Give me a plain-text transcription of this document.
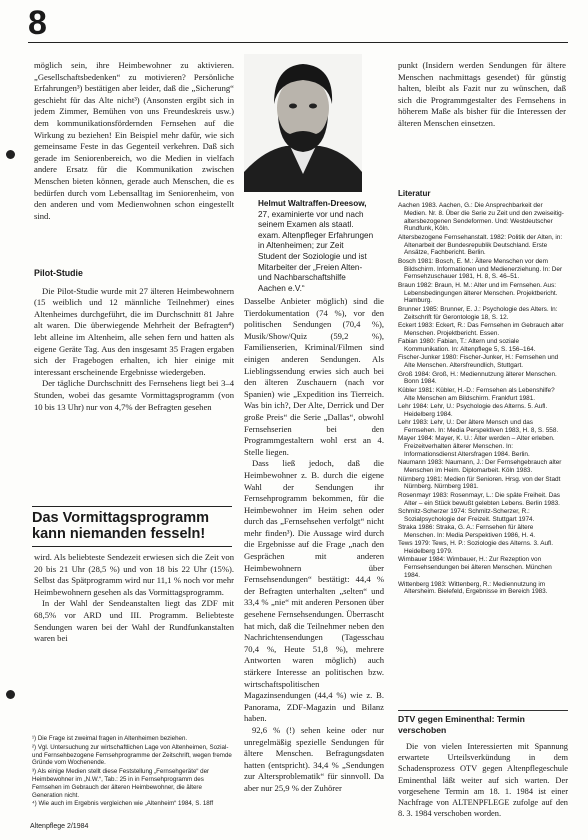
8

möglich sein, ihre Heimbewohner zu aktivieren. „Gesellschaftsbedenken“ zu motivieren? Persönliche Erfahrungen³) bestätigen aber leider, daß die „Sicherung“ geschieht für das Alte nicht³) (Ansonsten ergibt sich in jedem Zimmer, Bemühen von uns Freundeskreis usw.) dem kommunikationsfördernden Fernsehen auf die Wirkung zu beziehen! Ein Beispiel mehr dafür, wie sich gemeinsame Feste in das Gegenteil verkehren. Daß sich gerade im Seniorenbereich, wo die Medien in vielfach andere Ersatz für die Kommunikation zwischen Menschen bieten können, gerade auch Menschen, die es bedürfen durch vom Lebensalltag im Seniorenheim, von den anderen und vom Medienwohnen schon eingestellt sind.

Pilot-Studie

Die Pilot-Studie wurde mit 27 älteren Heimbewohnern (15 weiblich und 12 männliche Teilnehmer) eines Altenheimes durchgeführt, die im Durchschnitt 81 Jahre alt waren. Die überwiegende Mehrheit der Befragten⁴) lebt alleine im Altenheim, alle sehen fern und hatten als eigene Geräte Tag. Aus den insgesamt 35 Fragen ergaben sich der Fragebogen erhalten, ich hier einige mit interessant erscheinende Ergebnisse wiedergeben.

Der tägliche Durchschnitt des Fernsehens liegt bei 3–4 Stunden, wobei das gesamte Vormittagsprogramm (von 10 bis 13 Uhr) nur von 4,7% der Befragten gesehen

Das Vormittagsprogramm kann niemanden fesseln!

wird. Als beliebteste Sendezeit erwiesen sich die Zeit von 20 bis 21 Uhr (28,5 %) und von 18 bis 22 Uhr (15%). Selbst das Spätprogramm wird nur 11,1 % noch vor mehr Heimbewohnern gesehen als das Vormittagsprogramm.

In der Wahl der Sendeanstalten liegt das ZDF mit 68,5% vor ARD und III. Programm. Beliebteste Sendungen waren bei der Wahl der Rundfunkanstalten waren bei

¹) Die Frage ist zweimal fragen in Altenheimen beziehen.

²) Vgl. Untersuchung zur wirtschaftlichen Lage von Altenheimen, Sozial- und Fernsehbezogene Fernsehprogramme der Zeitschrift, wegen fremde Gründe vom Wochenende.

³) Als einige Medien stellt diese Feststellung „Fernsehgeräte“ der Heimbewohner im „N.W.“, Tab.: 25 in in Fernsehprogramm des Fernsehen im Gebrauch der älteren Heimbewohner, die ältere Generation nicht.

⁴) Wie auch im Ergebnis vergleichen wie „Altenheim“ 1984, S. 18ff

Helmut Waltraffen-Dreesow, 27, examinierte vor und nach seinem Examen als staatl. exam. Altenpfleger Erfahrungen in Altenheimen; zur Zeit Student der Soziologie und ist Mitarbeiter der „Freien Alten- und Nachbarschaftshilfe Aachen e.V.“

Dasselbe Anbieter möglich) sind die Tierdokumentation (74 %), vor den politischen Sendungen (70,4 %), Musik/Show/Quiz (59,2 %), Familienserien, Kriminal/Filmen sind einigen anderen Sendungen. Als Lieblingssendung erwies sich auch bei den älteren Zuschauern (nach vor Spanien) wie „Expedition ins Tierreich. Was bin ich?, Der Alte, Derrick und Der große Preis“ die Serie „Dallas“, obwohl Fernsehserien bei den Programmgestaltern wohl erst an 4. Stelle liegen.

Dass ließ jedoch, daß die Heimbewohner z. B. durch die eigene Wahl der Sendungen ihr Fernsehprogramm bekommen, für die Heimbewohner im Heim sehen oder durch das „Fernsehsehen verfolgt“ nicht mehr finden³). Die Aussage wird durch die Ergebnisse auf die Frage „nach den Gesprächen mit anderen Heimbewohnern über Fernsehsendungen“ bestätigt: 44,4 % der Befragten unterhalten „selten“ und 33,4 % „nie“ mit anderen Personen über gesehene Fernsehsendungen. Überrascht hat mich, daß die Teilnehmer neben den Nachrichtensendungen (Tagesschau 70,4 %, Heute 51,8 %), mehrere Antworten waren möglich) auch stärkere Interesse an politischen bzw. wirtschaftspolitischen Magazinsendungen (44,4 %) wie z. B. Panorama, ZDF-Magazin und Bilanz haben.

92,6 % (!) sehen keine oder nur unregelmäßig spezielle Sendungen für ältere Menschen. Befragungsdaten hatten (entspricht). 34,4 % „Sendungen zur Altersproblematik“ für sinnvoll. Da aber nur 25,9 % der Zuhörer

punkt (Insidern werden Sendungen für ältere Menschen nachmittags gesendet) für günstig halten, bleibt als Fazit nur zu wünschen, daß sich die Programmgestalter des Fernsehens in höherem Maße als bisher für die Interessen der älteren Menschen einsetzen.

Literatur

Aachen 1983. Aachen, G.: Die Ansprechbarkeit der Medien. Nr. 8. Über die Serie zu Zeit und den zweiseitig-altersbezogenen Sendeformen. Und: Westdeutscher Rundfunk, Köln.

Altersbezogene Fernsehanstalt. 1982: Politik der Alten, in: Altenarbeit der Bundesrepublik Deutschland. Erste Ansätze, Fachbericht. Berlin.

Bosch 1981: Bosch, E. M.: Ältere Menschen vor dem Bildschirm. Informationen und Medienerziehung. In: Der Fernsehzuschauer 1981, H. 8, S. 46–51.

Braun 1982: Braun, H. M.: Alter und im Fernsehen. Aus: Lebensbedingungen älterer Menschen. Projektbericht. Hamburg.

Brunner 1985: Brunner, E. J.: Psychologie des Alters. In: Zeitschrift für Gerontologie 18, S. 12.

Eckert 1983: Eckert, R.: Das Fernsehen im Gebrauch alter Menschen. Projektbericht. Essen.

Fabian 1980: Fabian, T.: Altern und soziale Kommunikation. In: Altenpflege 5, S. 156–164.

Fischer-Junker 1980: Fischer-Junker, H.: Fernsehen und Alte Menschen. Altersfreundlich, Stuttgart.

Groß 1984: Groß, H.: Mediennutzung älterer Menschen. Bonn 1984.

Kübler 1981: Kübler, H.-D.: Fernsehen als Lebenshilfe? Alte Menschen am Bildschirm. Frankfurt 1981.

Lehr 1984: Lehr, U.: Psychologie des Alterns. 5. Aufl. Heidelberg 1984.

Lehr 1983: Lehr, U.: Der ältere Mensch und das Fernsehen. In: Media Perspektiven 1983, H. 8, S. 558.

Mayer 1984: Mayer, K. U.: Älter werden – Alter erleben. Freizeitverhalten älterer Menschen. In: Informationsdienst Altersfragen 1984. Berlin.

Naumann 1983: Naumann, J.: Der Fernsehgebrauch alter Menschen im Heim. Diplomarbeit. Köln 1983.

Nürnberg 1981: Medien für Senioren. Hrsg. von der Stadt Nürnberg. Nürnberg 1981.

Rosenmayr 1983: Rosenmayr, L.: Die späte Freiheit. Das Alter – ein Stück bewußt gelebten Lebens. Berlin 1983.

Schmitz-Scherzer 1974: Schmitz-Scherzer, R.: Sozialpsychologie der Freizeit. Stuttgart 1974.

Straka 1986: Straka, G. A.: Fernsehen für ältere Menschen. In: Media Perspektiven 1986, H. 4.

Tews 1979: Tews, H. P.: Soziologie des Alterns. 3. Aufl. Heidelberg 1979.

Wimbauer 1984: Wimbauer, H.: Zur Rezeption von Fernsehsendungen bei älteren Menschen. München 1984.

Wittenberg 1983: Wittenberg, R.: Mediennutzung im Altersheim. Bielefeld, Ergebnisse im Bereich 1983.

DTV gegen Eminenthal: Termin verschoben

Die von vielen Interessierten mit Spannung erwartete Urteilsverkündung in dem Schadensprozess OTV gegen Altenpflegeschule Eminenthal läßt weiter auf sich warten. Der vorgesehene Termin am 18. 1. 1984 ist einer Nachfrage von ALTENPFLEGE zufolge auf den 8. 3. 1984 verschoben worden.

Altenpflege 2/1984
